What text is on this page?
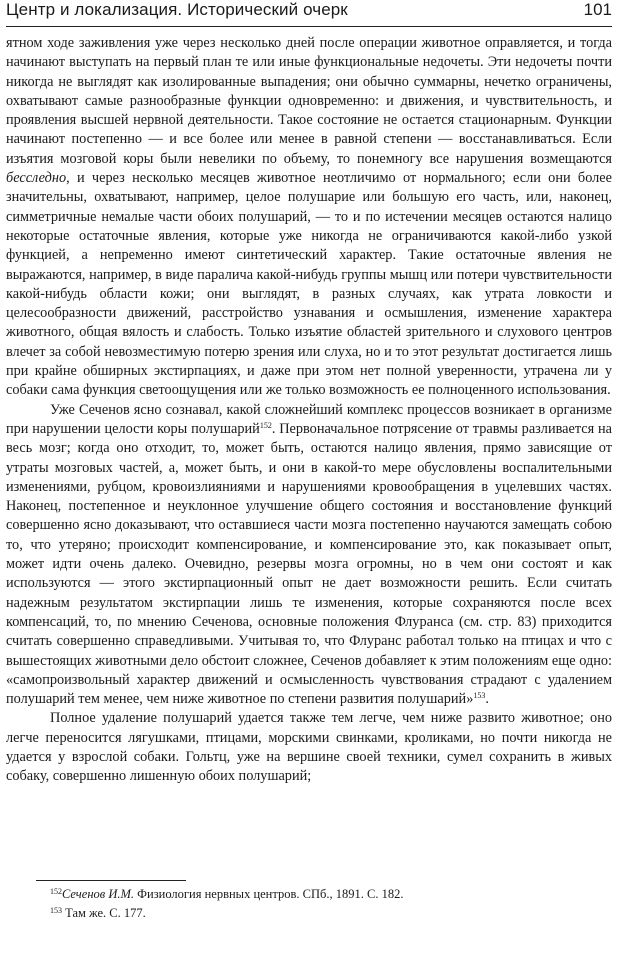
Центр и локализация. Исторический очерк	101

ятном ходе заживления уже через несколько дней после операции животное оправляется, и тогда начинают выступать на первый план те или иные функциональные недочеты. Эти недочеты почти никогда не выглядят как изолированные выпадения; они обычно суммарны, нечетко ограничены, охватывают самые разнообразные функции одновременно: и движения, и чувствительность, и проявления высшей нервной деятельности. Такое состояние не остается стационарным. Функции начинают постепенно — и все более или менее в равной степени — восстанавливаться. Если изъятия мозговой коры были невелики по объему, то понемногу все нарушения возмещаются бесследно, и через несколько месяцев животное неотличимо от нормального; если они более значительны, охватывают, например, целое полушарие или большую его часть, или, наконец, симметричные немалые части обоих полушарий, — то и по истечении месяцев остаются налицо некоторые остаточные явления, которые уже никогда не ограничиваются какой-либо узкой функцией, а непременно имеют синтетический характер. Такие остаточные явления не выражаются, например, в виде паралича какой-нибудь группы мышц или потери чувствительности какой-нибудь области кожи; они выглядят, в разных случаях, как утрата ловкости и целесообразности движений, расстройство узнавания и осмышления, изменение характера животного, общая вялость и слабость. Только изъятие областей зрительного и слухового центров влечет за собой невозместимую потерю зрения или слуха, но и то этот результат достигается лишь при крайне обширных экстирпациях, и даже при этом нет полной уверенности, утрачена ли у собаки сама функция светоощущения или же только возможность ее полноценного использования.

Уже Сеченов ясно сознавал, какой сложнейший комплекс процессов возникает в организме при нарушении целости коры полушарий$^{152}$. Первоначальное потрясение от травмы разливается на весь мозг; когда оно отходит, то, может быть, остаются налицо явления, прямо зависящие от утраты мозговых частей, а, может быть, и они в какой-то мере обусловлены воспалительными изменениями, рубцом, кровоизлияниями и нарушениями кровообращения в уцелевших частях. Наконец, постепенное и неуклонное улучшение общего состояния и восстановление функций совершенно ясно доказывают, что оставшиеся части мозга постепенно научаются замещать собою то, что утеряно; происходит компенсирование, и компенсирование это, как показывает опыт, может идти очень далеко. Очевидно, резервы мозга огромны, но в чем они состоят и как используются — этого экстирпационный опыт не дает возможности решить. Если считать надежным результатом экстирпации лишь те изменения, которые сохраняются после всех компенсаций, то, по мнению Сеченова, основные положения Флуранса (см. стр. 83) приходится считать совершенно справедливыми. Учитывая то, что Флуранс работал только на птицах и что с вышестоящих животными дело обстоит сложнее, Сеченов добавляет к этим положениям еще одно: «самопроизвольный характер движений и осмысленность чувствования страдают с удалением полушарий тем менее, чем ниже животное по степени развития полушарий»$^{153}$.

Полное удаление полушарий удается также тем легче, чем ниже развито животное; оно легче переносится лягушками, птицами, морскими свинками, кроликами, но почти никогда не удается у взрослой собаки. Гольтц, уже на вершине своей техники, сумел сохранить в живых собаку, совершенно лишенную обоих полушарий;

$^{152}$Сеченов И.М. Физиология нервных центров. СПб., 1891. С. 182.
$^{153}$ Там же. С. 177.
